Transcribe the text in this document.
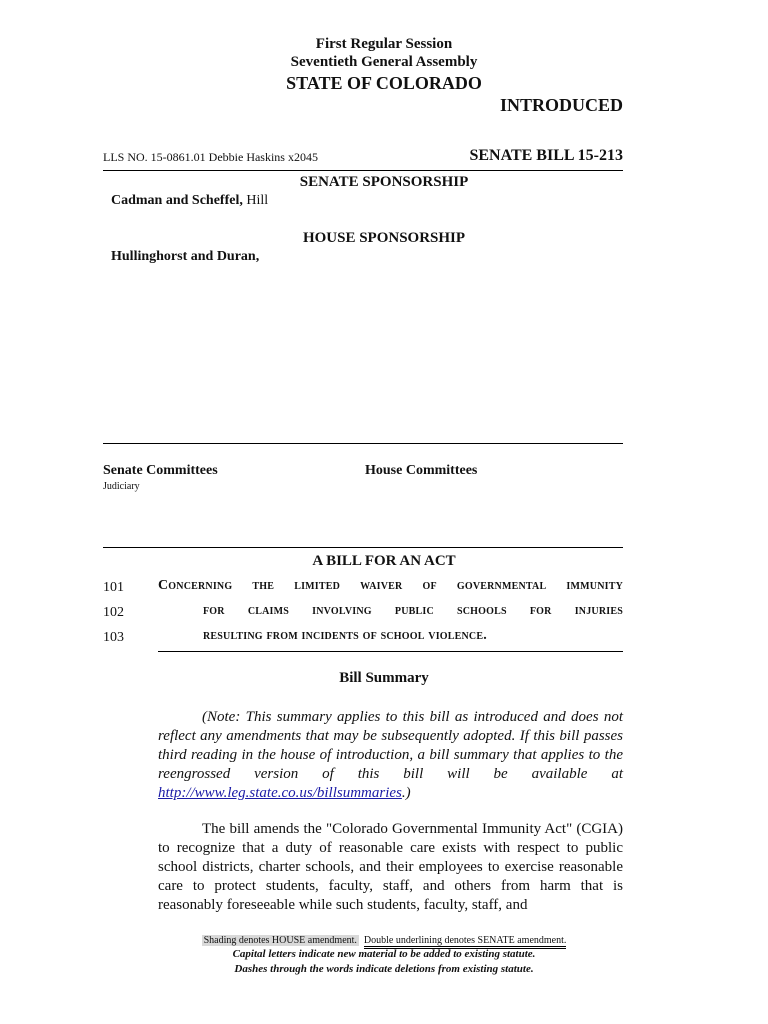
First Regular Session
Seventieth General Assembly
STATE OF COLORADO
INTRODUCED
LLS NO. 15-0861.01 Debbie Haskins x2045	SENATE BILL 15-213
SENATE SPONSORSHIP
Cadman and Scheffel, Hill
HOUSE SPONSORSHIP
Hullinghorst and Duran,
Senate Committees
Judiciary
House Committees
A BILL FOR AN ACT
101 Concerning the limited waiver of governmental immunity
102	for claims involving public schools for injuries
103	resulting from incidents of school violence.
Bill Summary
(Note: This summary applies to this bill as introduced and does not reflect any amendments that may be subsequently adopted. If this bill passes third reading in the house of introduction, a bill summary that applies to the reengrossed version of this bill will be available at http://www.leg.state.co.us/billsummaries.)
The bill amends the "Colorado Governmental Immunity Act" (CGIA) to recognize that a duty of reasonable care exists with respect to public school districts, charter schools, and their employees to exercise reasonable care to protect students, faculty, staff, and others from harm that is reasonably foreseeable while such students, faculty, staff, and
Shading denotes HOUSE amendment. Double underlining denotes SENATE amendment.
Capital letters indicate new material to be added to existing statute.
Dashes through the words indicate deletions from existing statute.
